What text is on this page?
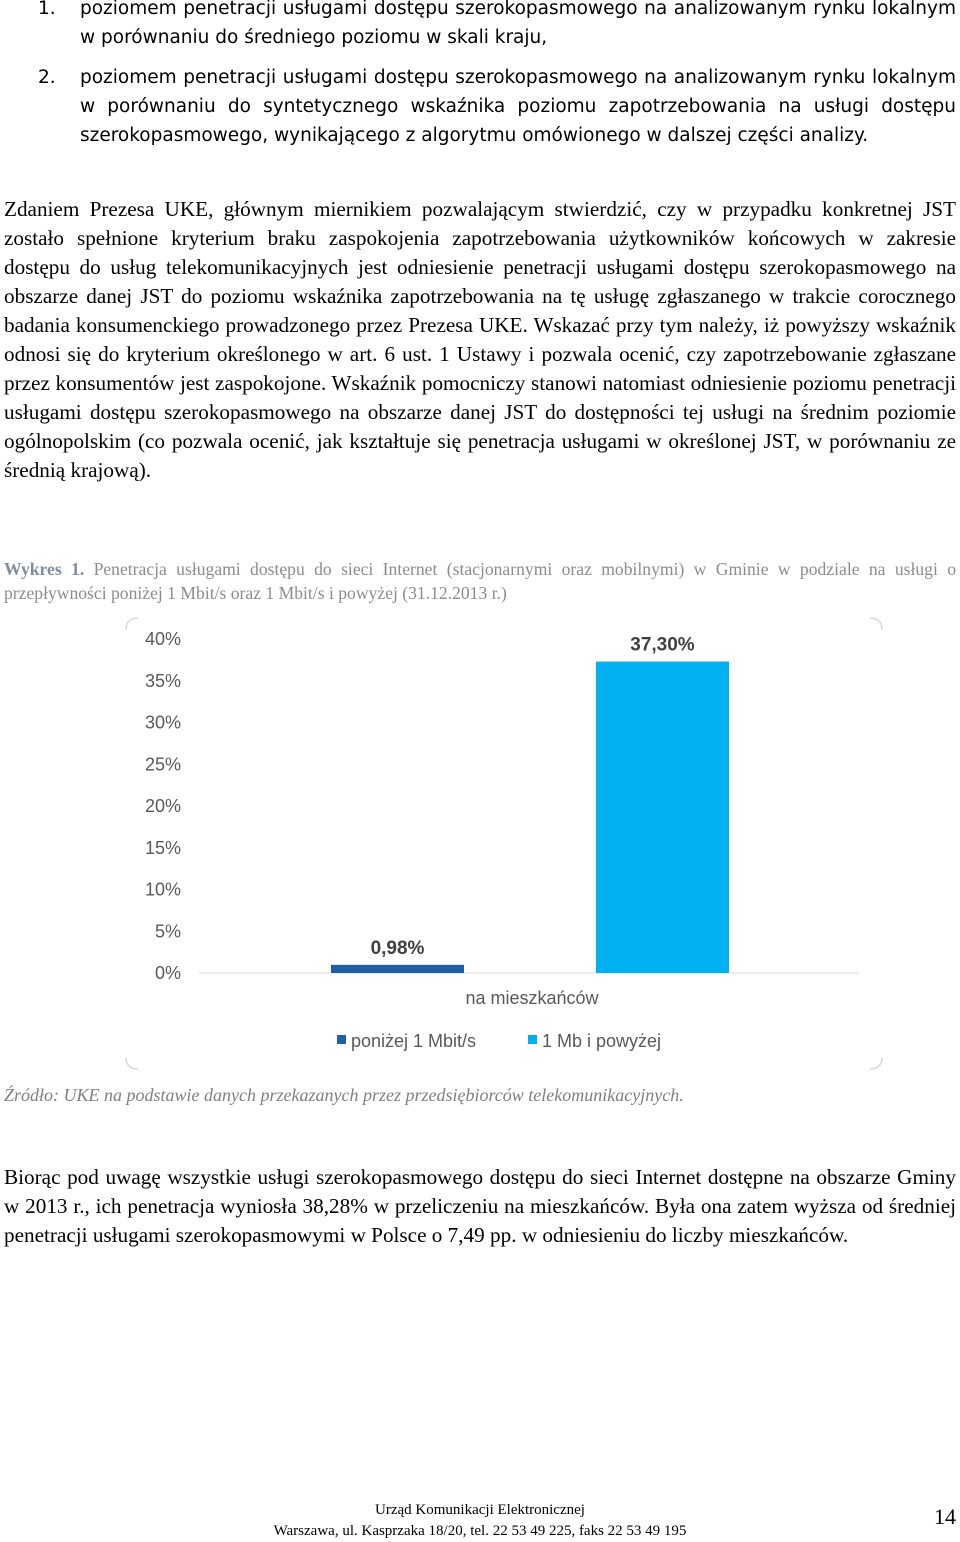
1. poziomem penetracji usługami dostępu szerokopasmowego na analizowanym rynku lokalnym w porównaniu do średniego poziomu w skali kraju,
2. poziomem penetracji usługami dostępu szerokopasmowego na analizowanym rynku lokalnym w porównaniu do syntetycznego wskaźnika poziomu zapotrzebowania na usługi dostępu szerokopasmowego, wynikającego z algorytmu omówionego w dalszej części analizy.
Zdaniem Prezesa UKE, głównym miernikiem pozwalającym stwierdzić, czy w przypadku konkretnej JST zostało spełnione kryterium braku zaspokojenia zapotrzebowania użytkowników końcowych w zakresie dostępu do usług telekomunikacyjnych jest odniesienie penetracji usługami dostępu szerokopasmowego na obszarze danej JST do poziomu wskaźnika zapotrzebowania na tę usługę zgłaszanego w trakcie corocznego badania konsumenckiego prowadzonego przez Prezesa UKE. Wskazać przy tym należy, iż powyższy wskaźnik odnosi się do kryterium określonego w art. 6 ust. 1 Ustawy i pozwala ocenić, czy zapotrzebowanie zgłaszane przez konsumentów jest zaspokojone. Wskaźnik pomocniczy stanowi natomiast odniesienie poziomu penetracji usługami dostępu szerokopasmowego na obszarze danej JST do dostępności tej usługi na średnim poziomie ogólnopolskim (co pozwala ocenić, jak kształtuje się penetracja usługami w określonej JST, w porównaniu ze średnią krajową).
Wykres 1. Penetracja usługami dostępu do sieci Internet (stacjonarnymi oraz mobilnymi) w Gminie w podziale na usługi o przepływności poniżej 1 Mbit/s oraz 1 Mbit/s i powyżej (31.12.2013 r.)
0%
5%
10%
15%
20%
25%
30%
35%
40%
0,98%
37,30%
na mieszkańców
poniżej 1 Mbit/s	1 Mb i powyżej
Źródło: UKE na podstawie danych przekazanych przez przedsiębiorców telekomunikacyjnych.
Biorąc pod uwagę wszystkie usługi szerokopasmowego dostępu do sieci Internet dostępne na obszarze Gminy w 2013 r., ich penetracja wyniosła 38,28% w przeliczeniu na mieszkańców. Była ona zatem wyższa od średniej penetracji usługami szerokopasmowymi w Polsce o 7,49 pp. w odniesieniu do liczby mieszkańców.
Urząd Komunikacji Elektronicznej
Warszawa, ul. Kasprzaka 18/20, tel. 22 53 49 225, faks 22 53 49 195
14
